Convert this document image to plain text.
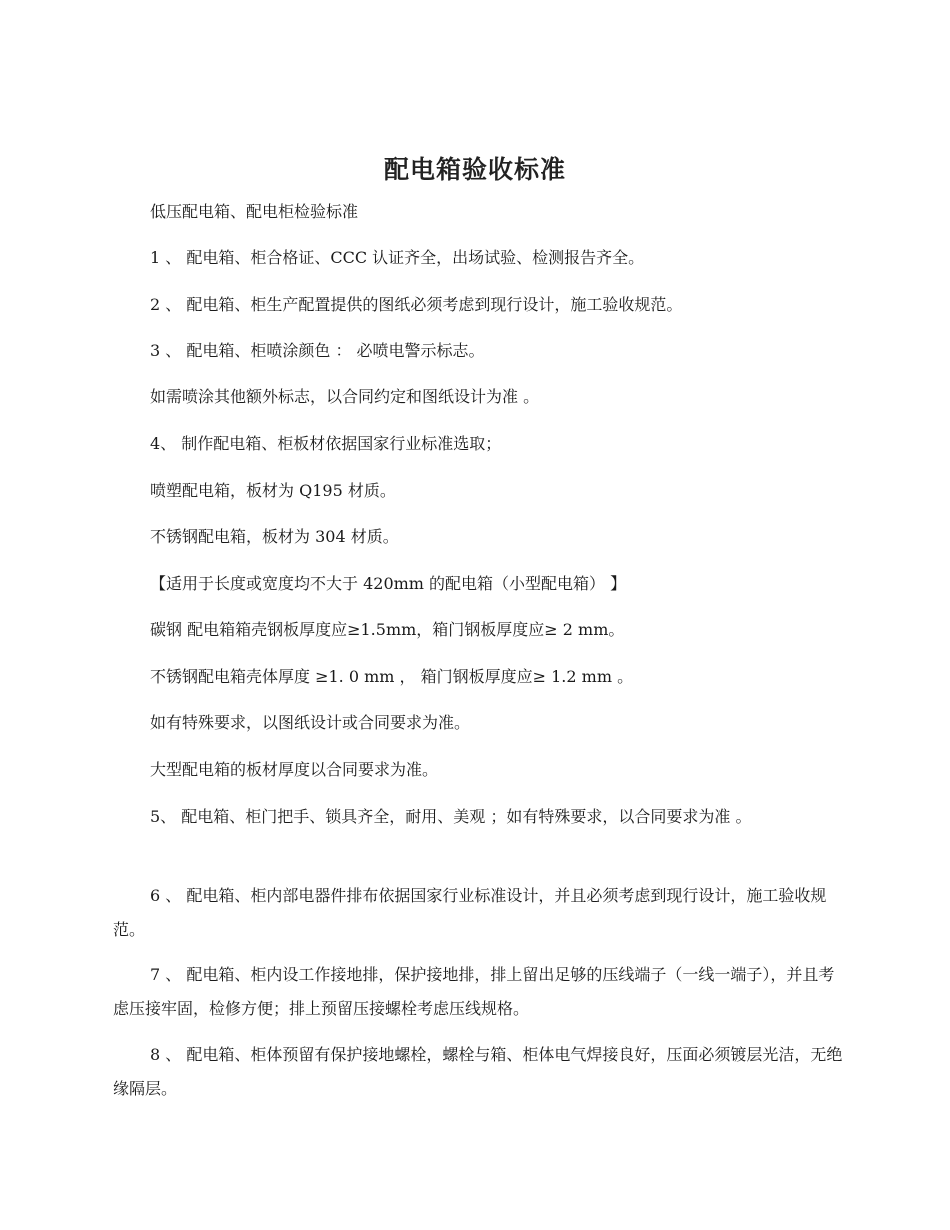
配电箱验收标准
低压配电箱、配电柜检验标准
1 、 配电箱、柜合格证、CCC 认证齐全，出场试验、检测报告齐全。
2 、 配电箱、柜生产配置提供的图纸必须考虑到现行设计，施工验收规范。
3 、 配电箱、柜喷涂颜色 ： 必喷电警示标志。
如需喷涂其他额外标志，以合同约定和图纸设计为准 。
4、 制作配电箱、柜板材依据国家行业标准选取；
喷塑配电箱，板材为 Q195 材质。
不锈钢配电箱，板材为 304 材质。
【适用于长度或宽度均不大于 420mm 的配电箱（小型配电箱） 】
碳钢 配电箱箱壳钢板厚度应≥1.5mm，箱门钢板厚度应≥ 2 mm。
不锈钢配电箱壳体厚度 ≥1. 0 mm ， 箱门钢板厚度应≥ 1.2 mm 。
如有特殊要求，以图纸设计或合同要求为准。
大型配电箱的板材厚度以合同要求为准。
5、 配电箱、柜门把手、锁具齐全，耐用、美观 ；如有特殊要求，以合同要求为准 。
6 、 配电箱、柜内部电器件排布依据国家行业标准设计，并且必须考虑到现行设计，施工验收规范。
7 、 配电箱、柜内设工作接地排，保护接地排，排上留出足够的压线端子（一线一端子），并且考虑压接牢固，检修方便；排上预留压接螺栓考虑压线规格。
8 、 配电箱、柜体预留有保护接地螺栓，螺栓与箱、柜体电气焊接良好，压面必须镀层光洁，无绝缘隔层。
